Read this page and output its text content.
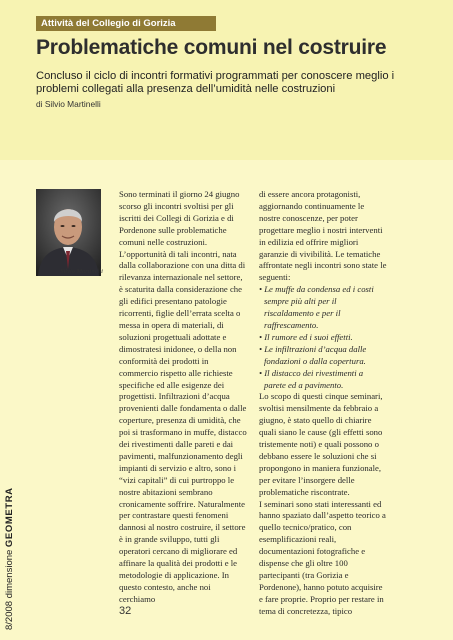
Attività del Collegio di Gorizia
Problematiche comuni nel costruire
Concluso il ciclo di incontri formativi programmati per conoscere meglio i problemi collegati alla presenza dell’umidità nelle costruzioni
di Silvio Martinelli
8/2008 dimensione GEOMETRA
Silvio Martinelli

Sono terminati il giorno 24 giugno scorso gli incontri svoltisi per gli iscritti dei Collegi di Gorizia e di Pordenone sulle problematiche comuni nelle costruzioni. L’opportunità di tali incontri, nata dalla collaborazione con una ditta di rilevanza internazionale nel settore, è scaturita dalla considerazione che gli edifici presentano patologie ricorrenti, figlie dell’errata scelta o messa in opera di materiali, di soluzioni progettuali adottate e dimostratesi inidonee, o della non conformità dei prodotti in commercio rispetto alle richieste specifiche ed alle esigenze dei progettisti. Infiltrazioni d’acqua provenienti dalle fondamenta o dalle coperture, presenza di umidità, che poi si trasformano in muffe, distacco dei rivestimenti dalle pareti e dai pavimenti, malfunzionamento degli impianti di servizio e altro, sono i “vizi capitali” di cui purtroppo le nostre abitazioni sembrano cronicamente soffrire. Naturalmente per contrastare questi fenomeni dannosi al nostro costruire, il settore è in grande sviluppo, tutti gli operatori cercano di migliorare ed affinare la qualità dei prodotti e le metodologie di applicazione. In questo contesto, anche noi cerchiamo

di essere ancora protagonisti, aggiornando continuamente le nostre conoscenze, per poter progettare meglio i nostri interventi in edilizia ed offrire migliori garanzie di vivibilità. Le tematiche affrontate negli incontri sono state le seguenti:

• Le muffe da condensa ed i costi sempre più alti per il riscaldamento e per il raffrescamento.
• Il rumore ed i suoi effetti.
• Le infiltrazioni d’acqua dalle fondazioni o dalla copertura.
• Il distacco dei rivestimenti a parete ed a pavimento.

Lo scopo di questi cinque seminari, svoltisi mensilmente da febbraio a giugno, è stato quello di chiarire quali siano le cause (gli effetti sono tristemente noti) e quali possono o debbano essere le soluzioni che si propongono in maniera funzionale, per evitare l’insorgere delle problematiche riscontrate.

I seminari sono stati interessanti ed hanno spaziato dall’aspetto teorico a quello tecnico/pratico, con esemplificazioni reali, documentazioni fotografiche e dispense che gli oltre 100 partecipanti (tra Gorizia e Pordenone), hanno potuto acquisire e fare proprie. Proprio per restare in tema di concretezza, tipico

32
